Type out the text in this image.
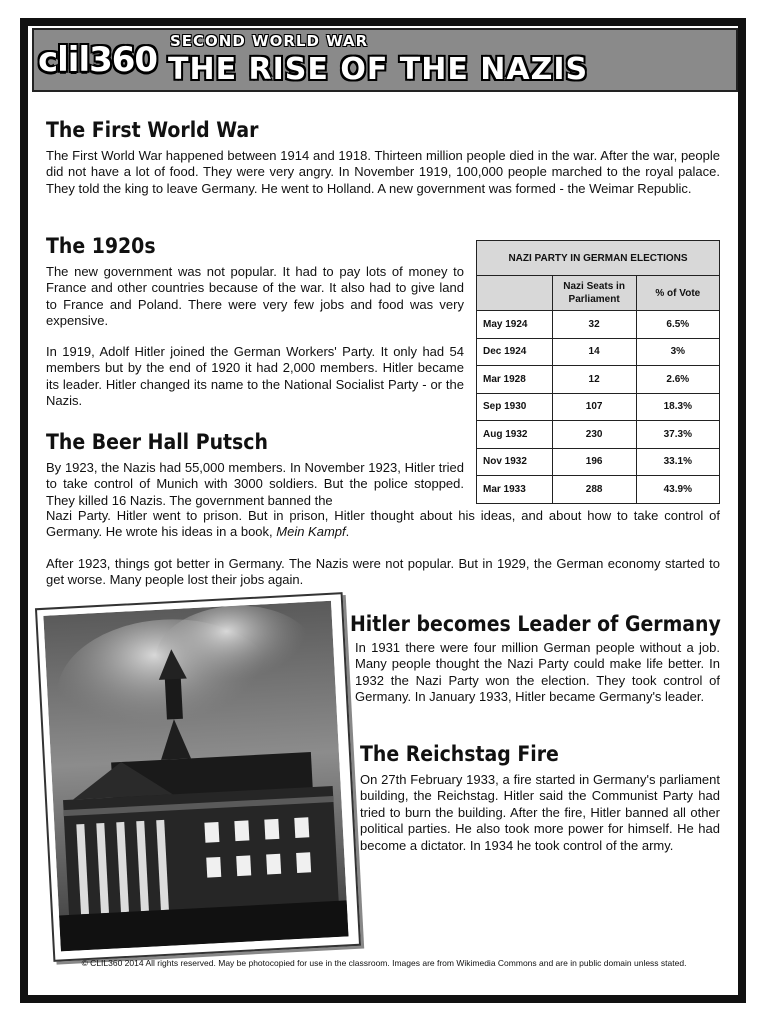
clil360 SECOND WORLD WAR
THE RISE OF THE NAZIS
The First World War

The First World War happened between 1914 and 1918. Thirteen million people died in the war. After the war, people did not have a lot of food. They were very angry. In November 1919, 100,000 people marched to the royal palace. They told the king to leave Germany. He went to Holland. A new government was formed - the Weimar Republic.

The 1920s

The new government was not popular. It had to pay lots of money to France and other countries because of the war. It also had to give land to France and Poland. There were very few jobs and food was very expensive.

In 1919, Adolf Hitler joined the German Workers' Party. It only had 54 members but by the end of 1920 it had 2,000 members. Hitler became its leader. Hitler changed its name to the National Socialist Party - or the Nazis.

The Beer Hall Putsch

By 1923, the Nazis had 55,000 members. In November 1923, Hitler tried to take control of Munich with 3000 soldiers. But the police stopped. They killed 16 Nazis. The government banned the

Nazi Party. Hitler went to prison. But in prison, Hitler thought about his ideas, and about how to take control of Germany. He wrote his ideas in a book, Mein Kampf.

After 1923, things got better in Germany. The Nazis were not popular. But in 1929, the German economy started to get worse. Many people lost their jobs again.

NAZI PARTY IN GERMAN ELECTIONS		
	Nazi Seats in Parliament	% of Vote
May 1924	32	6.5%
Dec 1924	14	3%
Mar 1928	12	2.6%
Sep 1930	107	18.3%
Aug 1932	230	37.3%
Nov 1932	196	33.1%
Mar 1933	288	43.9%
Hitler becomes Leader of Germany

In 1931 there were four million German people without a job. Many people thought the Nazi Party could make life better. In 1932 the Nazi Party won the election. They took control of Germany. In January 1933, Hitler became Germany's leader.

The Reichstag Fire

On 27th February 1933, a fire started in Germany's parliament building, the Reichstag. Hitler said the Communist Party had tried to burn the building. After the fire, Hitler banned all other political parties. He also took more power for himself. He had become a dictator. In 1934 he took control of the army.

© CLIL360 2014 All rights reserved. May be photocopied for use in the classroom. Images are from Wikimedia Commons and are in public domain unless stated.
